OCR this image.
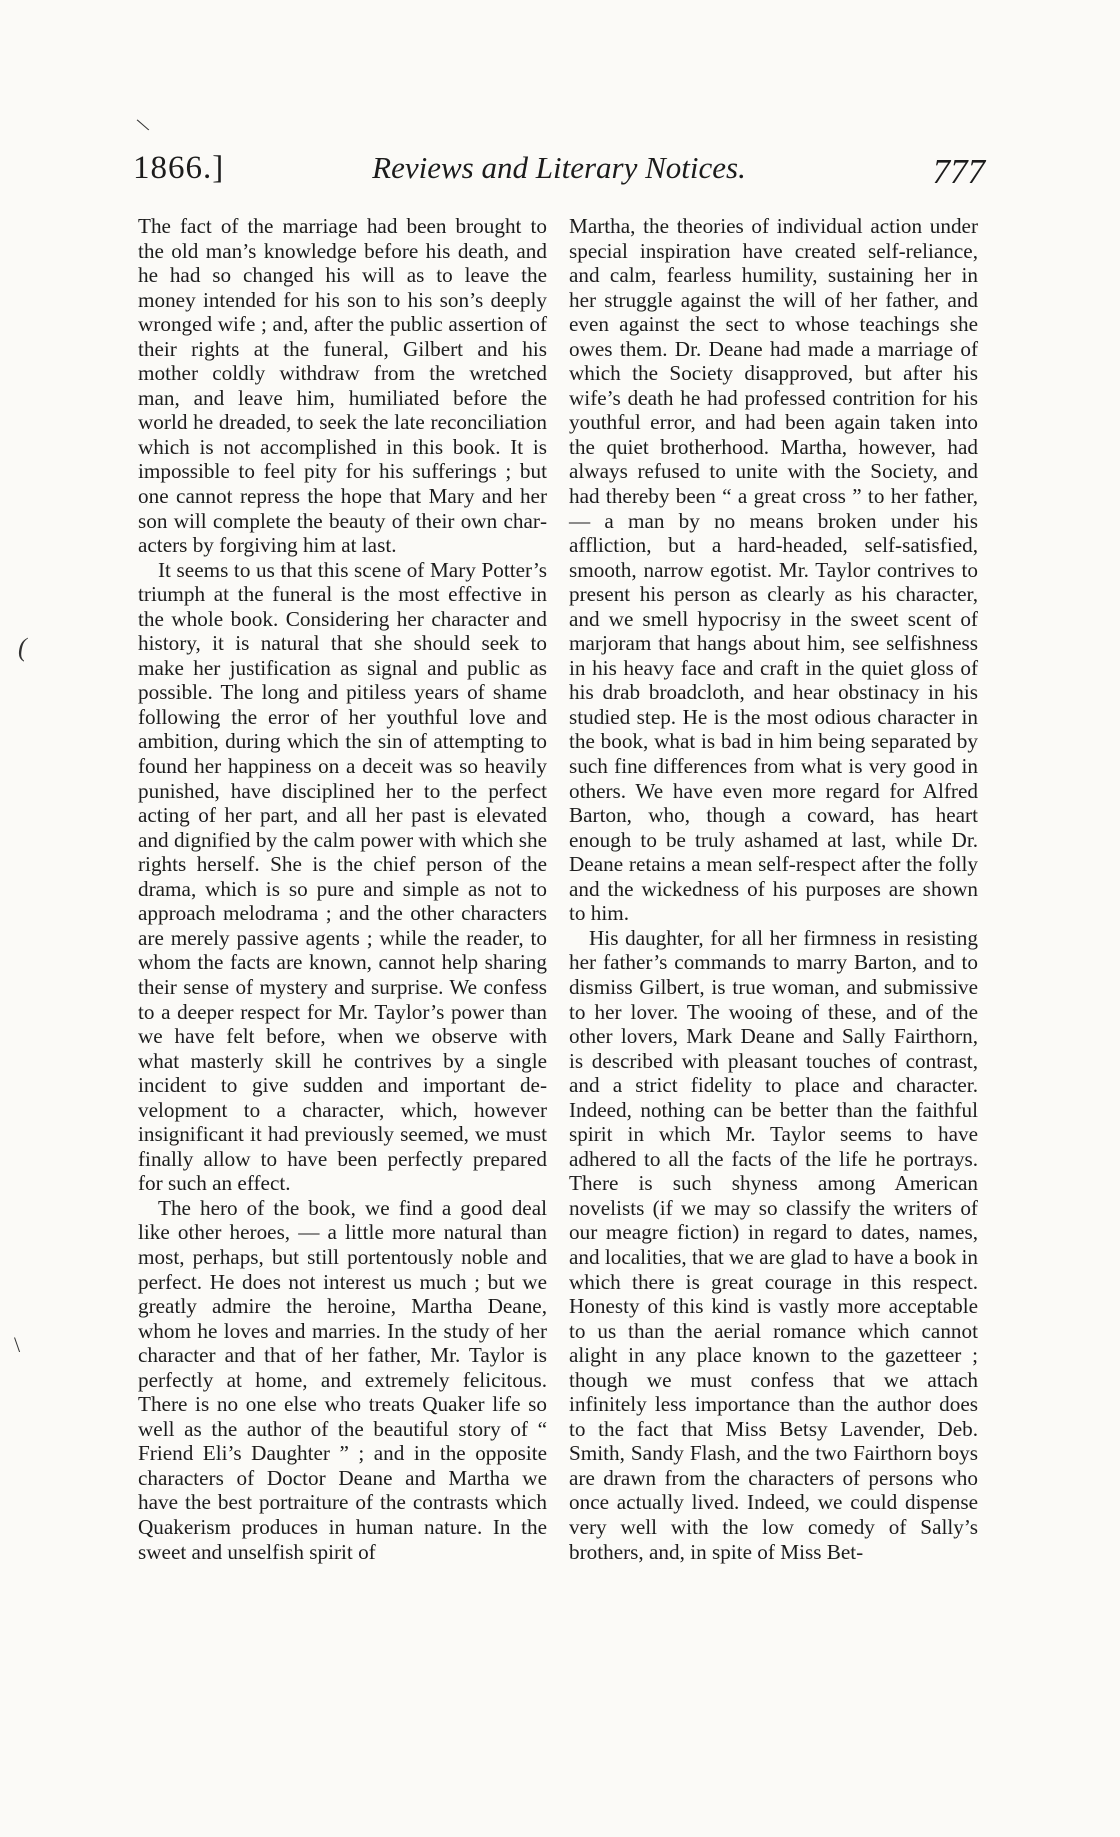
\
1866.]	Reviews and Literary Notices.	777
(
\

The fact of the marriage had been brought to the old man’s knowledge before his death, and he had so changed his will as to leave the money intended for his son to his son’s deeply wronged wife ; and, after the public assertion of their rights at the funeral, Gilbert and his mother coldly withdraw from the wretched man, and leave him, humiliated before the world he dreaded, to seek the late reconciliation which is not accomplished in this book. It is impossible to feel pity for his sufferings ; but one cannot repress the hope that Mary and her son will complete the beauty of their own characters by forgiving him at last.

It seems to us that this scene of Mary Potter’s triumph at the funeral is the most effective in the whole book. Considering her character and history, it is natural that she should seek to make her justification as signal and public as possible. The long and pitiless years of shame following the error of her youthful love and ambition, during which the sin of attempting to found her happiness on a deceit was so heavily punished, have disciplined her to the perfect acting of her part, and all her past is elevated and dignified by the calm power with which she rights herself. She is the chief person of the drama, which is so pure and simple as not to approach melodrama ; and the other characters are merely passive agents ; while the reader, to whom the facts are known, cannot help sharing their sense of mystery and surprise. We confess to a deeper respect for Mr. Taylor’s power than we have felt before, when we observe with what masterly skill he contrives by a single incident to give sudden and important development to a character, which, however insignificant it had previously seemed, we must finally allow to have been perfectly prepared for such an effect.

The hero of the book, we find a good deal like other heroes, — a little more natural than most, perhaps, but still portentously noble and perfect. He does not interest us much ; but we greatly admire the heroine, Martha Deane, whom he loves and marries. In the study of her character and that of her father, Mr. Taylor is perfectly at home, and extremely felicitous. There is no one else who treats Quaker life so well as the author of the beautiful story of “ Friend Eli’s Daughter ” ; and in the opposite characters of Doctor Deane and Martha we have the best portraiture of the contrasts which Quakerism produces in human nature. In the sweet and unselfish spirit of

Martha, the theories of individual action under special inspiration have created self-reliance, and calm, fearless humility, sustaining her in her struggle against the will of her father, and even against the sect to whose teachings she owes them. Dr. Deane had made a marriage of which the Society disapproved, but after his wife’s death he had professed contrition for his youthful error, and had been again taken into the quiet brotherhood. Martha, however, had always refused to unite with the Society, and had thereby been “ a great cross ” to her father, — a man by no means broken under his affliction, but a hard-headed, self-satisfied, smooth, narrow egotist. Mr. Taylor contrives to present his person as clearly as his character, and we smell hypocrisy in the sweet scent of marjoram that hangs about him, see selfishness in his heavy face and craft in the quiet gloss of his drab broadcloth, and hear obstinacy in his studied step. He is the most odious character in the book, what is bad in him being separated by such fine differences from what is very good in others. We have even more regard for Alfred Barton, who, though a coward, has heart enough to be truly ashamed at last, while Dr. Deane retains a mean self-respect after the folly and the wickedness of his purposes are shown to him.

His daughter, for all her firmness in resisting her father’s commands to marry Barton, and to dismiss Gilbert, is true woman, and submissive to her lover. The wooing of these, and of the other lovers, Mark Deane and Sally Fairthorn, is described with pleasant touches of contrast, and a strict fidelity to place and character. Indeed, nothing can be better than the faithful spirit in which Mr. Taylor seems to have adhered to all the facts of the life he portrays. There is such shyness among American novelists (if we may so classify the writers of our meagre fiction) in regard to dates, names, and localities, that we are glad to have a book in which there is great courage in this respect. Honesty of this kind is vastly more acceptable to us than the aerial romance which cannot alight in any place known to the gazetteer ; though we must confess that we attach infinitely less importance than the author does to the fact that Miss Betsy Lavender, Deb. Smith, Sandy Flash, and the two Fairthorn boys are drawn from the characters of persons who once actually lived. Indeed, we could dispense very well with the low comedy of Sally’s brothers, and, in spite of Miss Bet-
